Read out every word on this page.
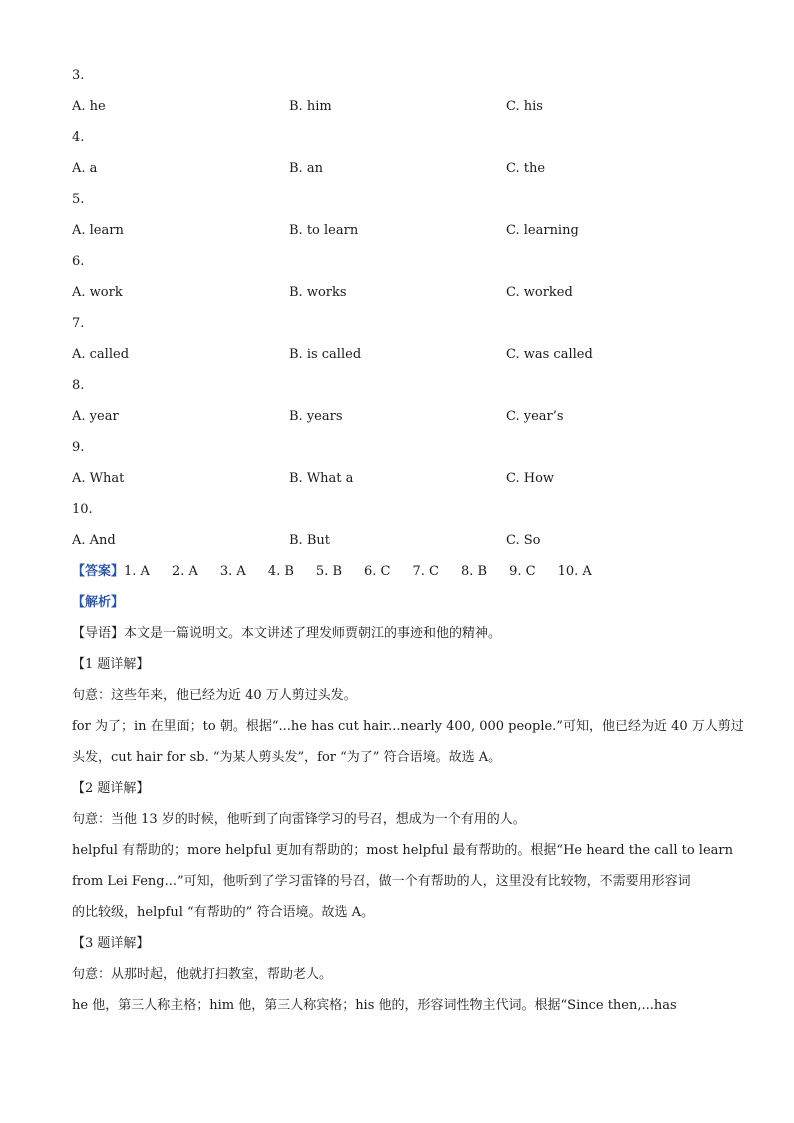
3.
A. he	B. him	C. his
4.
A. a	B. an	C. the
5.
A. learn	B. to learn	C. learning
6.
A. work	B. works	C. worked
7.
A. called	B. is called	C. was called
8.
A. year	B. years	C. year’s
9.
A. What	B. What a	C. How
10.
A. And	B. But	C. So
【答案】1. A 2. A 3. A 4. B 5. B 6. C 7. C 8. B 9. C 10. A
【解析】
【导语】本文是一篇说明文。本文讲述了理发师贾朝江的事迹和他的精神。
【1 题详解】
句意：这些年来，他已经为近 40 万人剪过头发。
for 为了；in 在里面；to 朝。根据“...he has cut hair...nearly 400, 000 people.”可知，他已经为近 40 万人剪过
头发，cut hair for sb. “为某人剪头发”，for “为了” 符合语境。故选 A。
【2 题详解】
句意：当他 13 岁的时候，他听到了向雷锋学习的号召，想成为一个有用的人。
helpful 有帮助的；more helpful 更加有帮助的；most helpful 最有帮助的。根据“He heard the call to learn
from Lei Feng...”可知，他听到了学习雷锋的号召，做一个有帮助的人，这里没有比较物，不需要用形容词
的比较级，helpful “有帮助的” 符合语境。故选 A。
【3 题详解】
句意：从那时起，他就打扫教室，帮助老人。
he 他，第三人称主格；him 他，第三人称宾格；his 他的，形容词性物主代词。根据“Since then,...has
